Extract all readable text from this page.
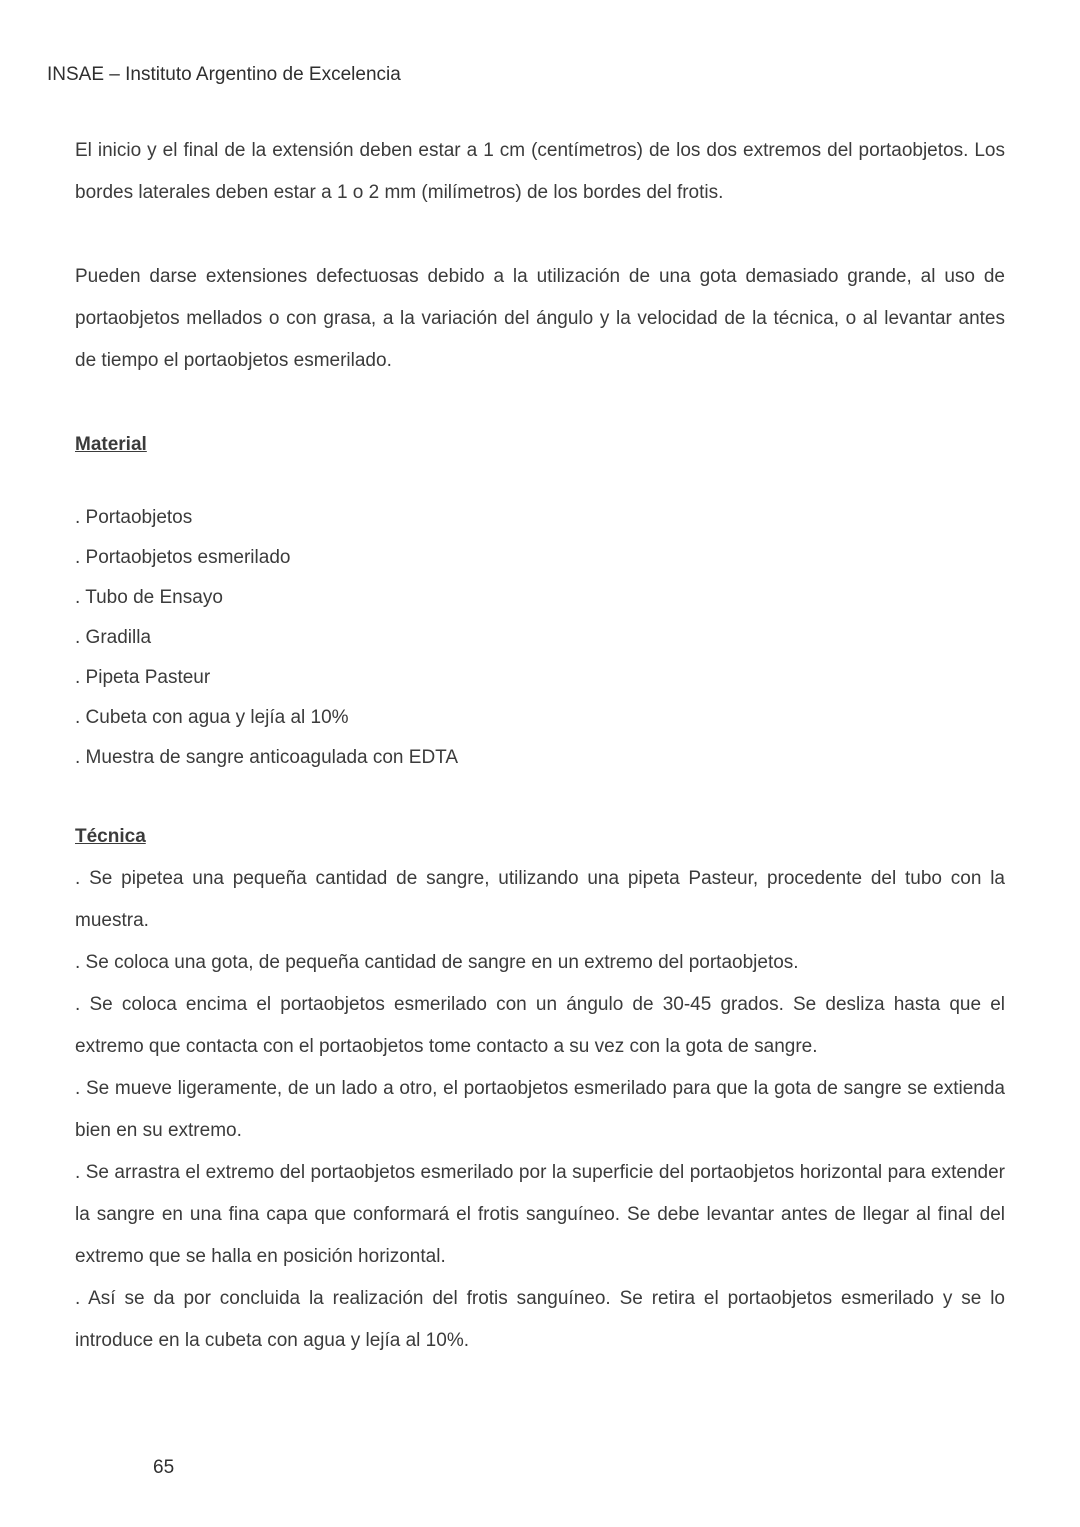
INSAE – Instituto Argentino de Excelencia

El inicio y el final de la extensión deben estar a 1 cm (centímetros) de los dos extremos del portaobjetos. Los bordes laterales deben estar a 1 o 2 mm (milímetros) de los bordes del frotis.

Pueden darse extensiones defectuosas debido a la utilización de una gota demasiado grande, al uso de portaobjetos mellados o con grasa, a la variación del ángulo y la velocidad de la técnica, o al levantar antes de tiempo el portaobjetos esmerilado.

Material

. Portaobjetos
. Portaobjetos esmerilado
. Tubo de Ensayo
. Gradilla
. Pipeta Pasteur
. Cubeta con agua y lejía al 10%
. Muestra de sangre anticoagulada con EDTA

Técnica

. Se pipetea una pequeña cantidad de sangre, utilizando una pipeta Pasteur, procedente del tubo con la muestra.

. Se coloca una gota, de pequeña cantidad de sangre en un extremo del portaobjetos.

. Se coloca encima el portaobjetos esmerilado con un ángulo de 30-45 grados. Se desliza hasta que el extremo que contacta con el portaobjetos tome contacto a su vez con la gota de sangre.

. Se mueve ligeramente, de un lado a otro, el portaobjetos esmerilado para que la gota de sangre se extienda bien en su extremo.

. Se arrastra el extremo del portaobjetos esmerilado por la superficie del portaobjetos horizontal para extender la sangre en una fina capa que conformará el frotis sanguíneo. Se debe levantar antes de llegar al final del extremo que se halla en posición horizontal.

. Así se da por concluida la realización del frotis sanguíneo. Se retira el portaobjetos esmerilado y se lo introduce en la cubeta con agua y lejía al 10%.

65
